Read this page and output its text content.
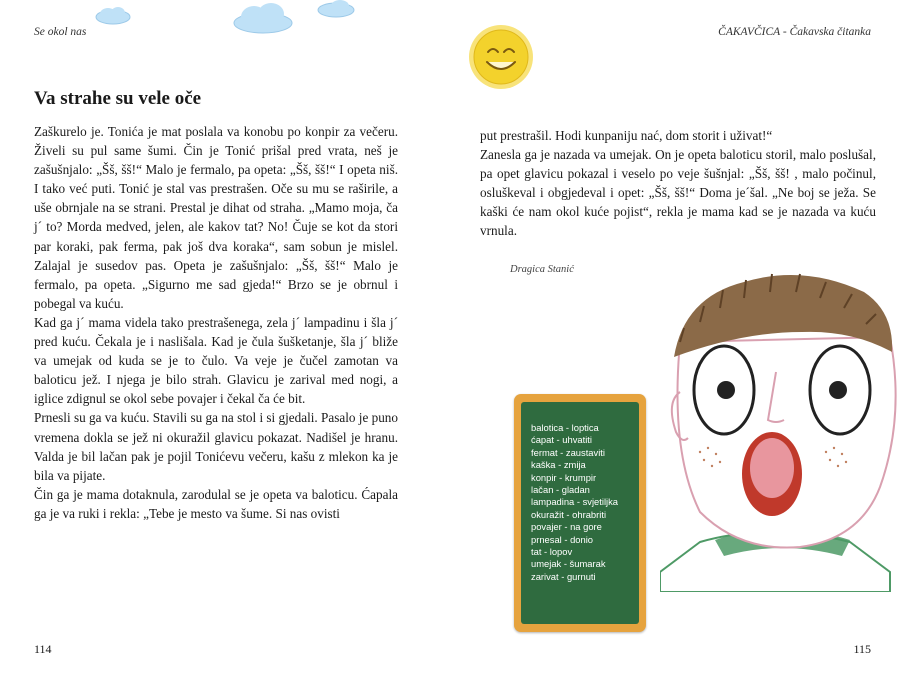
Se okol nas
Va strahe su vele oče

Zaškurelo je. Tonića je mat poslala va konobu po konpir za večeru. Živeli su pul same šumi. Čin je Tonić prišal pred vrata, neš je zašušnjalo: „Šš, šš!“ Malo je fermalo, pa opeta: „Šš, šš!“ I opeta niš. I tako već puti. Tonić je stal vas prestrašen. Oče su mu se raširile, a uše obrnjale na se strani. Prestal je dihat od straha. „Mamo moja, ča j´ to? Morda medved, jelen, ale kakov tat? No! Čuje se kot da stori par koraki, pak ferma, pak još dva koraka“, sam sobun je mislel. Zalajal je susedov pas. Opeta je zašušnjalo: „Šš, šš!“ Malo je fermalo, pa opeta. „Sigurno me sad gjeda!“ Brzo se je obrnul i pobegal va kuću.

Kad ga j´ mama videla tako prestrašenega, zela j´ lampadinu i šla j´ pred kuću. Čekala je i naslišala. Kad je čula šušketanje, šla j´ bliže va umejak od kuda se je to čulo. Va veje je čučel zamotan va baloticu jež. I njega je bilo strah. Glavicu je zarival med nogi, a iglice zdignul se okol sebe povajer i čekal ča će bit.

Prnesli su ga va kuću. Stavili su ga na stol i si gjedali. Pasalo je puno vremena dokla se jež ni okuražil glavicu pokazat. Nadišel je hranu. Valda je bil lačan pak je pojil Tonićevu večeru, kašu z mlekon ka je bila va pijate.

Čin ga je mama dotaknula, zarodulal se je opeta va baloticu. Ćapala ga je va ruki i rekla: „Tebe je mesto va šume. Si nas ovisti

114
ČAKAVČICA - Čakavska čitanka

put prestrašil. Hodi kunpaniju nać, dom storit i uživat!“

Zanesla ga je nazada va umejak. On je opeta baloticu storil, malo poslušal, pa opet glavicu pokazal i veselo po veje šušnjal: „Šš, šš! , malo počinul, osluškeval i obgjedeval i opet: „Šš, šš!“ Doma je´šal. „Ne boj se ježa. Se kaški će nam okol kuće pojist“, rekla je mama kad se je nazada va kuću vrnula.

Dragica Stanić
115
balotica - loptica
ćapat - uhvatiti
fermat - zaustaviti
kaška - zmija
konpir - krumpir
lačan - gladan
lampadina - svjetiljka
okuražit - ohrabriti
povajer - na gore
prnesal - donio
tat - lopov
umejak - šumarak
zarivat - gurnuti
